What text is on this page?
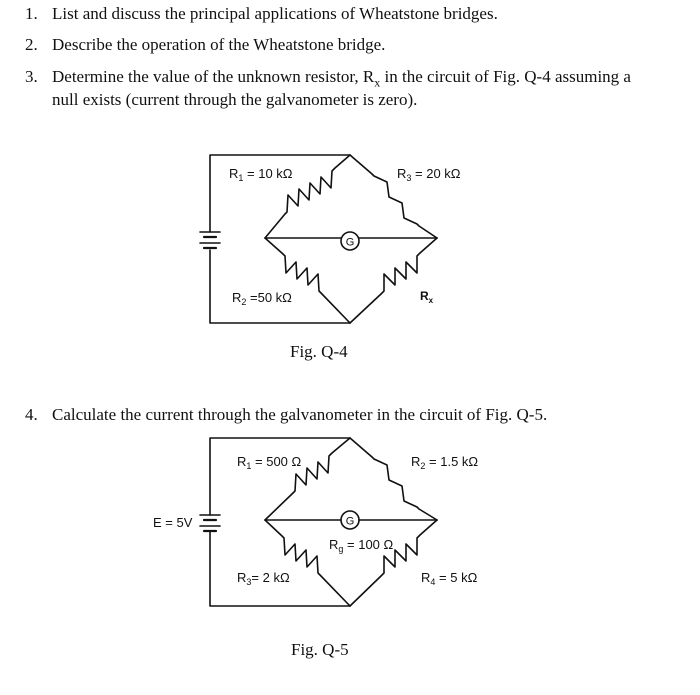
1. List and discuss the principal applications of Wheatstone bridges.
2. Describe the operation of the Wheatstone bridge.
3. Determine the value of the unknown resistor, $R_x$ in the circuit of Fig. Q-4 assuming a
null exists (current through the galvanometer is zero).
4. Calculate the current through the galvanometer in the circuit of Fig. Q-5.
Fig. Q-4
Fig. Q-5
G
$R_1 = 10$ kΩ	$R_3 = 20$ kΩ
$R_2 =50$ kΩ	$R_x$
G
E = 5V
$R_1 = 500$ Ω	$R_2 = 1.5$ kΩ
$R_g = 100$ Ω
$R_3= 2$ kΩ	$R_4 = 5$ kΩ
